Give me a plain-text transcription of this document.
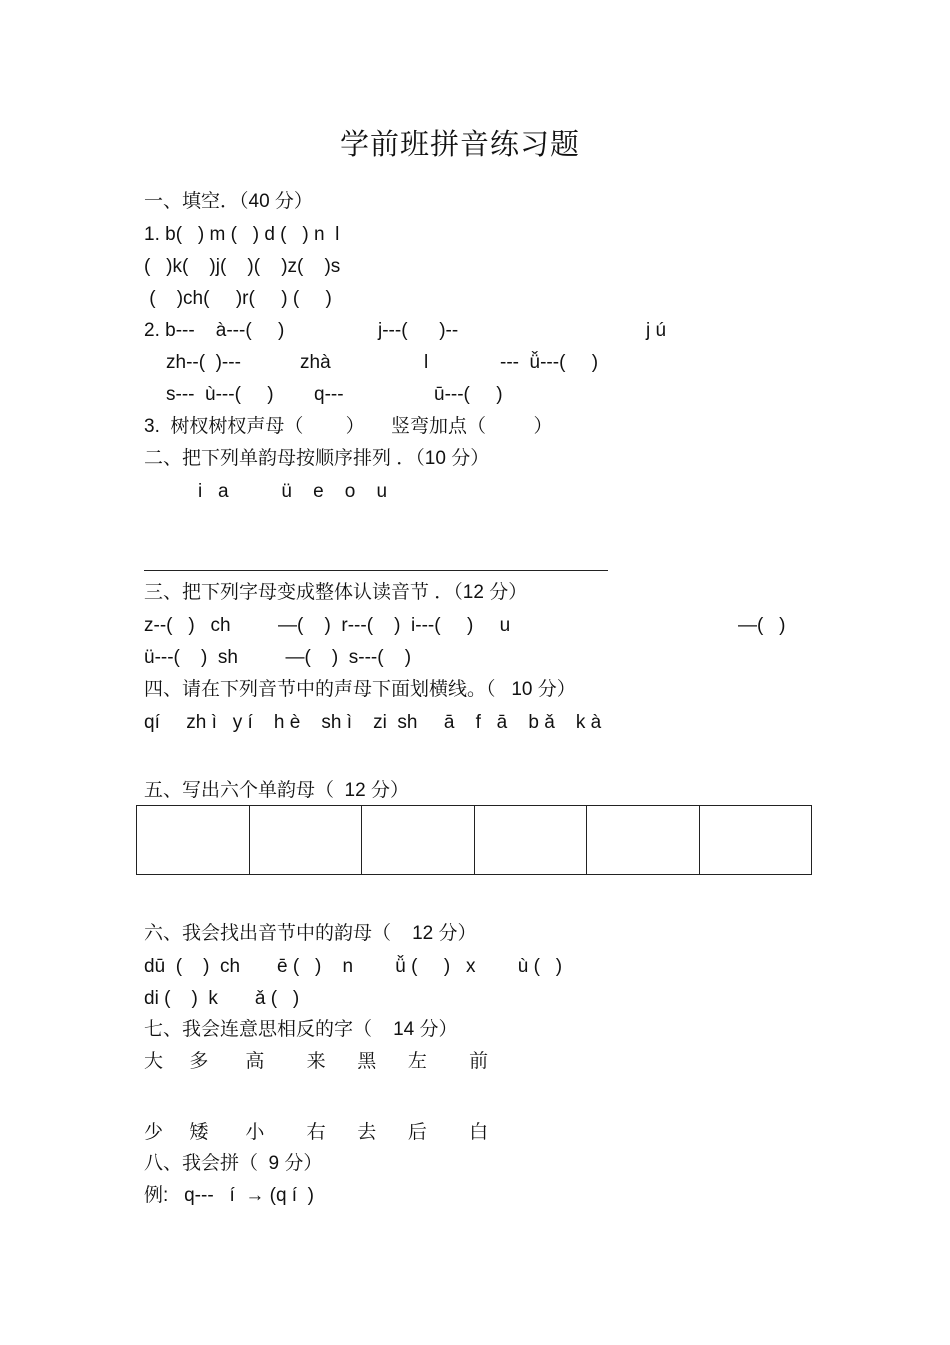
学前班拼音练习题
一、填空．（40 分）
1. b(   ) m (   ) d (   ) n  l
(   )k(    )j(    )(    )z(    )s
(    )ch(     )r(     ) (     )
2. b---    à---(     )	j---(      )--	j ú
zh--(  )---	zhà	l	---  ǚ---(     )
s---  ù---(     ) q---	ū---(     )
3.  树杈树杈声母（        ）     竖弯加点（         ）
二、把下列单韵母按顺序排列 ．（10 分）
i   a          ü    e    o    u
三、把下列字母变成整体认读音节 ．（12 分）
z--(   )   ch         —(    )  r---(    )  i---(     )     u	—(   )
ü---(    )  sh         —(    )  s---(    )
四、请在下列音节中的声母下面划横线。（   10 分）
qí     zh ì   y í    h è    sh ì    zi  sh     ā    f   ā    b ǎ    k à
五、写出六个单韵母（  12 分）
六、我会找出音节中的韵母（    12 分）
dū  (    )  ch       ē (   )    n        ǚ (     )   x        ù (   )
di (    )  k       ǎ (   )
七、我会连意思相反的字（    14 分）
大     多       高        来      黑      左        前
少     矮       小        右      去      后        白
八、我会拼（  9 分）
例:   q---   í  → (q í  )
